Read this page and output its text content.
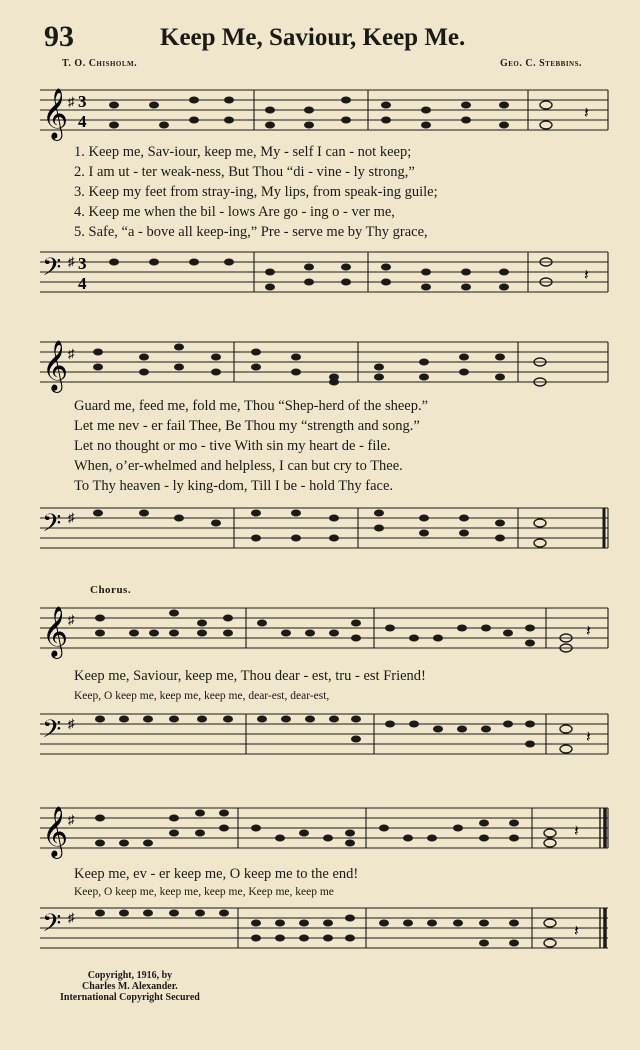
93	Keep Me, Saviour, Keep Me.
T. O. Chisholm.	Geo. C. Stebbins.
𝄞 ♯ 3
4	𝄽
1. Keep me, Sav-iour, keep me, My - self I can - not keep;
2. I am ut - ter weak-ness, But Thou “di - vine - ly strong,”
3. Keep my feet from stray-ing, My lips, from speak-ing guile;
4. Keep me when the bil - lows Are go - ing o - ver me,
5. Safe, “a - bove all keep-ing,” Pre - serve me by Thy grace,
𝄢 ♯ 3
4	𝄽
𝄞 ♯
Guard me, feed me, fold me, Thou “Shep-herd of the sheep.”
Let me nev - er fail Thee, Be Thou my “strength and song.”
Let no thought or mo - tive With sin my heart de - file.
When, o’er-whelmed and helpless, I can but cry to Thee.
To Thy heaven - ly king-dom, Till I be - hold Thy face.
𝄢 ♯
Chorus.
𝄞 ♯
𝄽
Keep me, Saviour, keep me, Thou dear - est, tru - est Friend!
Keep, O keep me, keep me, keep me, dear-est, dear-est,
𝄢 ♯
𝄽
𝄞 ♯
𝄽
Keep me, ev - er keep me, O keep me to the end!
Keep, O keep me, keep me, keep me, Keep me, keep me
𝄢 ♯
𝄽
Copyright, 1916, by
Charles M. Alexander.
International Copyright Secured
